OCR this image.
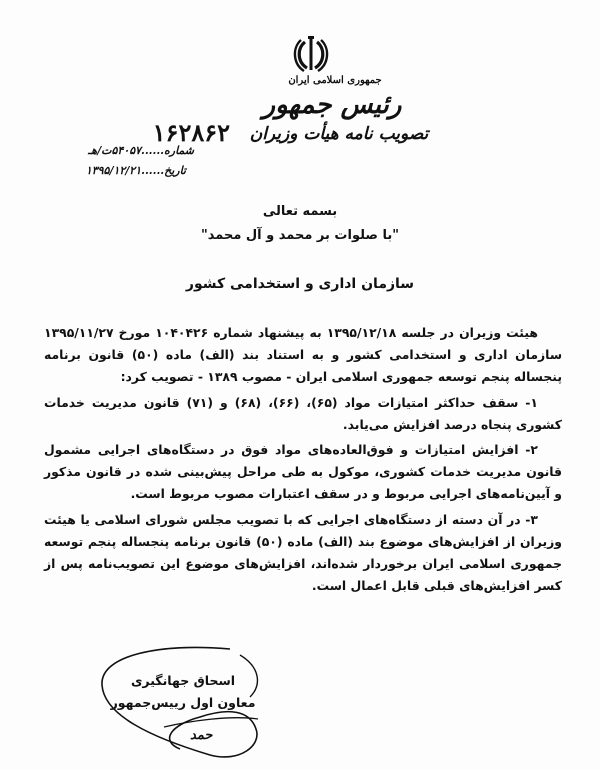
جمهوری اسلامی ایران
رئیس جمهور
تصویب نامه هیأت وزیران
۱۶۲۸۶۲
شماره......۵۴۰۵۷ت/هـ
تاریخ......۱۳۹۵/۱۲/۲۱
بسمه تعالی
"با صلوات بر محمد و آل محمد"
سازمان اداری و استخدامی کشور

هیئت وزیران در جلسه ۱۳۹۵/۱۲/۱۸ به پیشنهاد شماره ۱۰۴۰۴۲۶ مورخ ۱۳۹۵/۱۱/۲۷ سازمان اداری و استخدامی کشور و به استناد بند (الف) ماده (۵۰) قانون برنامه پنجساله پنجم توسعه جمهوری اسلامی ایران - مصوب ۱۳۸۹ - تصویب کرد:

۱- سقف حداکثر امتیازات مواد (۶۵)، (۶۶)، (۶۸) و (۷۱) قانون مدیریت خدمات کشوری پنجاه درصد افزایش می‌یابد.

۲- افزایش امتیازات و فوق‌العاده‌های مواد فوق در دستگاه‌های اجرایی مشمول قانون مدیریت خدمات کشوری، موکول به طی مراحل پیش‌بینی شده در قانون مذکور و آیین‌نامه‌های اجرایی مربوط و در سقف اعتبارات مصوب مربوط است.

۳- در آن دسته از دستگاه‌های اجرایی که با تصویب مجلس شورای اسلامی یا هیئت وزیران از افزایش‌های موضوع بند (الف) ماده (۵۰) قانون برنامه پنجساله پنجم توسعه جمهوری اسلامی ایران برخوردار شده‌اند، افزایش‌های موضوع این تصویب‌نامه پس از کسر افزایش‌های قبلی قابل اعمال است.

اسحاق جهانگیری
معاون اول رییس‌جمهور
حمد
